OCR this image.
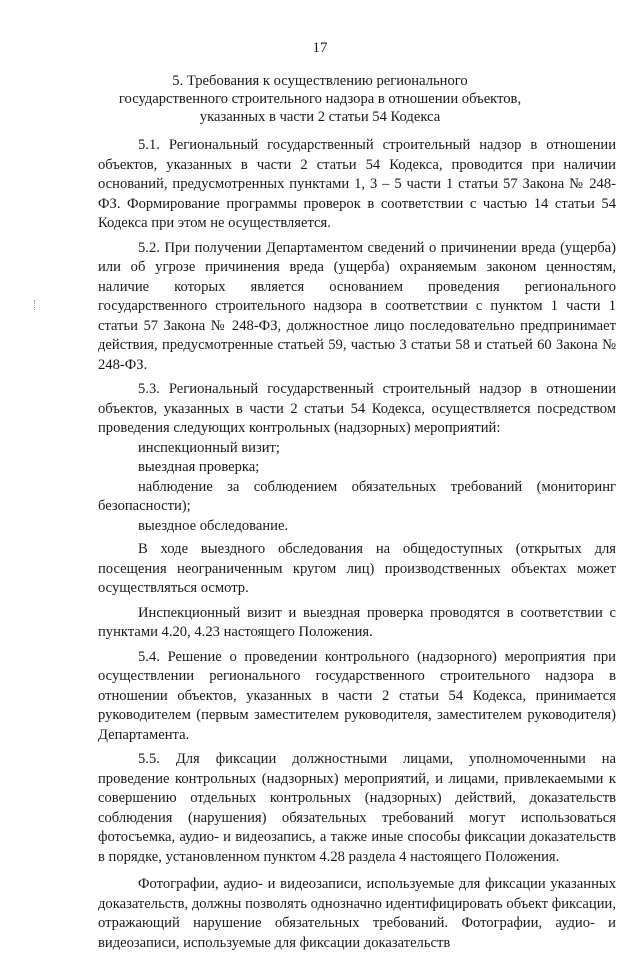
17
5. Требования к осуществлению регионального
государственного строительного надзора в отношении объектов,
указанных в части 2 статьи 54 Кодекса

5.1. Региональный государственный строительный надзор в отношении объектов, указанных в части 2 статьи 54 Кодекса, проводится при наличии оснований, предусмотренных пунктами 1, 3 – 5 части 1 статьи 57 Закона № 248-ФЗ. Формирование программы проверок в соответствии с частью 14 статьи 54 Кодекса при этом не осуществляется.

5.2. При получении Департаментом сведений о причинении вреда (ущерба) или об угрозе причинения вреда (ущерба) охраняемым законом ценностям, наличие которых является основанием проведения регионального государственного строительного надзора в соответствии с пунктом 1 части 1 статьи 57 Закона № 248-ФЗ, должностное лицо последовательно предпринимает действия, предусмотренные статьей 59, частью 3 статьи 58 и статьей 60 Закона № 248-ФЗ.

5.3. Региональный государственный строительный надзор в отношении объектов, указанных в части 2 статьи 54 Кодекса, осуществляется посредством проведения следующих контрольных (надзорных) мероприятий:

инспекционный визит;

выездная проверка;

наблюдение за соблюдением обязательных требований (мониторинг безопасности);

выездное обследование.

В ходе выездного обследования на общедоступных (открытых для посещения неограниченным кругом лиц) производственных объектах может осуществляться осмотр.

Инспекционный визит и выездная проверка проводятся в соответствии с пунктами 4.20, 4.23 настоящего Положения.

5.4. Решение о проведении контрольного (надзорного) мероприятия при осуществлении регионального государственного строительного надзора в отношении объектов, указанных в части 2 статьи 54 Кодекса, принимается руководителем (первым заместителем руководителя, заместителем руководителя) Департамента.

5.5. Для фиксации должностными лицами, уполномоченными на проведение контрольных (надзорных) мероприятий, и лицами, привлекаемыми к совершению отдельных контрольных (надзорных) действий, доказательств соблюдения (нарушения) обязательных требований могут использоваться фотосъемка, аудио- и видеозапись, а также иные способы фиксации доказательств в порядке, установленном пунктом 4.28 раздела 4 настоящего Положения.

Фотографии, аудио- и видеозаписи, используемые для фиксации указанных доказательств, должны позволять однозначно идентифицировать объект фиксации, отражающий нарушение обязательных требований. Фотографии, аудио- и видеозаписи, используемые для фиксации доказательств
